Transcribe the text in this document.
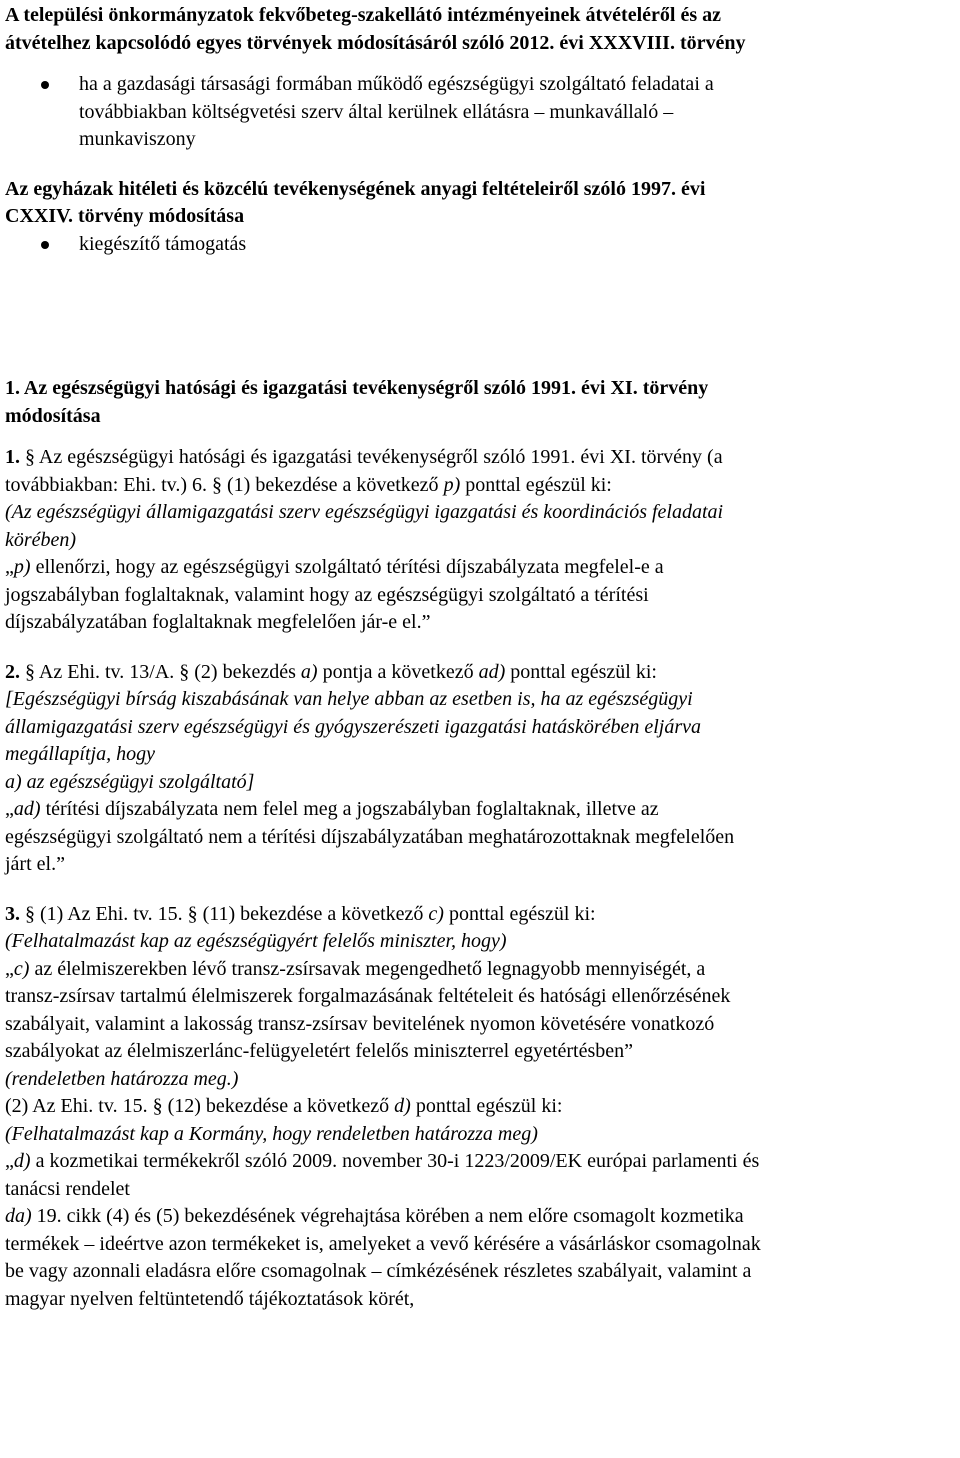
A települési önkormányzatok fekvőbeteg-szakellátó intézményeinek átvételéről és az
átvételhez kapcsolódó egyes törvények módosításáról szóló 2012. évi XXXVIII. törvény

ha a gazdasági társasági formában működő egészségügyi szolgáltató feladatai a
továbbiakban költségvetési szerv által kerülnek ellátásra – munkavállaló –
munkaviszony

Az egyházak hitéleti és közcélú tevékenységének anyagi feltételeiről szóló 1997. évi
CXXIV. törvény módosítása

kiegészítő támogatás

1. Az egészségügyi hatósági és igazgatási tevékenységről szóló 1991. évi XI. törvény
módosítása

1. § Az egészségügyi hatósági és igazgatási tevékenységről szóló 1991. évi XI. törvény (a
továbbiakban: Ehi. tv.) 6. § (1) bekezdése a következő p) ponttal egészül ki:
(Az egészségügyi államigazgatási szerv egészségügyi igazgatási és koordinációs feladatai
körében)
„p) ellenőrzi, hogy az egészségügyi szolgáltató térítési díjszabályzata megfelel-e a
jogszabályban foglaltaknak, valamint hogy az egészségügyi szolgáltató a térítési
díjszabályzatában foglaltaknak megfelelően jár-e el.”

2. § Az Ehi. tv. 13/A. § (2) bekezdés a) pontja a következő ad) ponttal egészül ki:
[Egészségügyi bírság kiszabásának van helye abban az esetben is, ha az egészségügyi
államigazgatási szerv egészségügyi és gyógyszerészeti igazgatási hatáskörében eljárva
megállapítja, hogy
a) az egészségügyi szolgáltató]
„ad) térítési díjszabályzata nem felel meg a jogszabályban foglaltaknak, illetve az
egészségügyi szolgáltató nem a térítési díjszabályzatában meghatározottaknak megfelelően
járt el.”

3. § (1) Az Ehi. tv. 15. § (11) bekezdése a következő c) ponttal egészül ki:
(Felhatalmazást kap az egészségügyért felelős miniszter, hogy)
„c) az élelmiszerekben lévő transz-zsírsavak megengedhető legnagyobb mennyiségét, a
transz-zsírsav tartalmú élelmiszerek forgalmazásának feltételeit és hatósági ellenőrzésének
szabályait, valamint a lakosság transz-zsírsav bevitelének nyomon követésére vonatkozó
szabályokat az élelmiszerlánc-felügyeletért felelős miniszterrel egyetértésben”
(rendeletben határozza meg.)
(2) Az Ehi. tv. 15. § (12) bekezdése a következő d) ponttal egészül ki:
(Felhatalmazást kap a Kormány, hogy rendeletben határozza meg)
„d) a kozmetikai termékekről szóló 2009. november 30-i 1223/2009/EK európai parlamenti és
tanácsi rendelet
da) 19. cikk (4) és (5) bekezdésének végrehajtása körében a nem előre csomagolt kozmetika
termékek – ideértve azon termékeket is, amelyeket a vevő kérésére a vásárláskor csomagolnak
be vagy azonnali eladásra előre csomagolnak – címkézésének részletes szabályait, valamint a
magyar nyelven feltüntetendő tájékoztatások körét,
